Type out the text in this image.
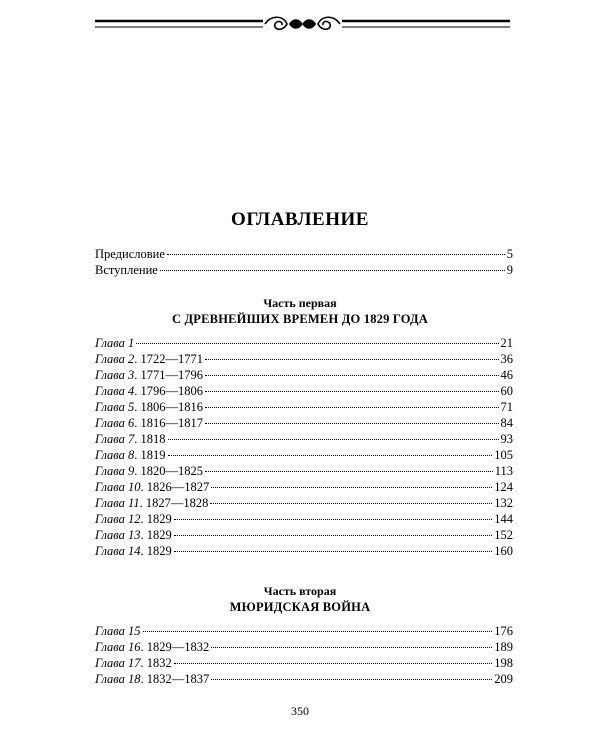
ОГЛАВЛЕНИЕ
Предисловие	5
Вступление	9
Часть первая
С ДРЕВНЕЙШИХ ВРЕМЕН ДО 1829 ГОДА
Глава 1	21
Глава 2. 1722—1771	36
Глава 3. 1771—1796	46
Глава 4. 1796—1806	60
Глава 5. 1806—1816	71
Глава 6. 1816—1817	84
Глава 7. 1818	93
Глава 8. 1819	105
Глава 9. 1820—1825	113
Глава 10. 1826—1827	124
Глава 11. 1827—1828	132
Глава 12. 1829	144
Глава 13. 1829	152
Глава 14. 1829	160
Часть вторая
МЮРИДСКАЯ ВОЙНА
Глава 15	176
Глава 16. 1829—1832	189
Глава 17. 1832	198
Глава 18. 1832—1837	209
350
